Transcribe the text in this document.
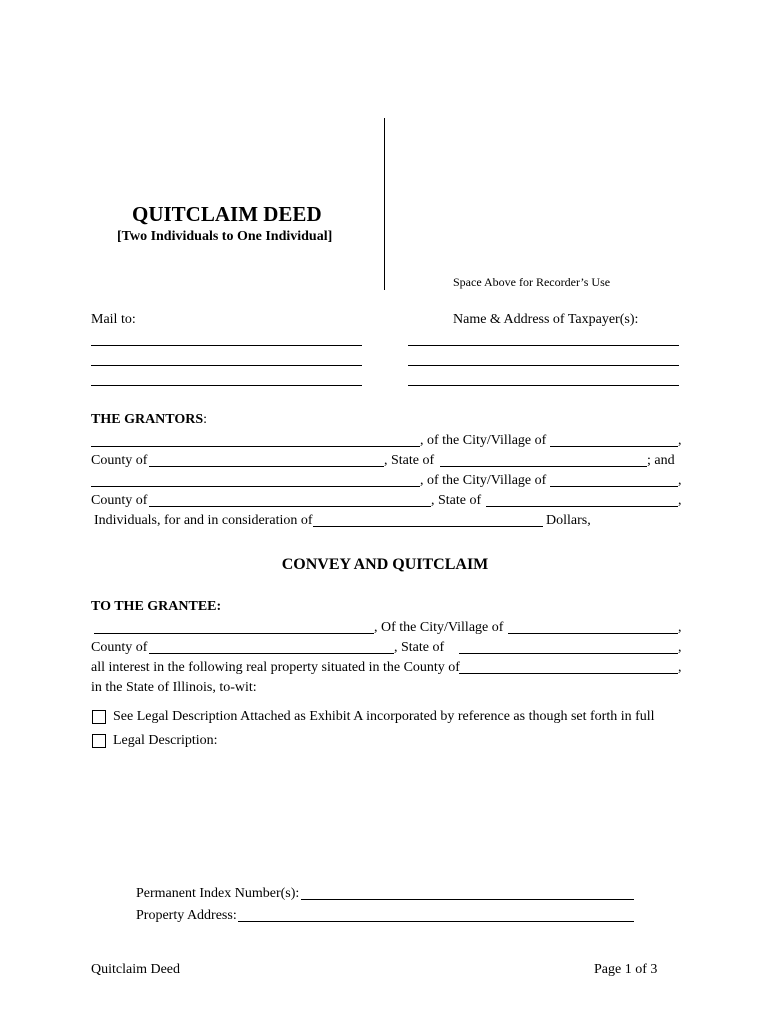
QUITCLAIM DEED
[Two Individuals to One Individual]
Space Above for Recorder’s Use
Mail to:	Name & Address of Taxpayer(s):
THE GRANTORS:
, of the City/Village of	,
County of	, State of	; and
, of the City/Village of	,
County of	, State of	,
Individuals, for and in consideration of	Dollars,
CONVEY AND QUITCLAIM
TO THE GRANTEE:
, Of the City/Village of	,
County of	, State of	,
all interest in the following real property situated in the County of	,
in the State of Illinois, to-wit:
See Legal Description Attached as Exhibit A incorporated by reference as though set forth in full
Legal Description:
Permanent Index Number(s):
Property Address:
Quitclaim Deed	Page 1 of 3
